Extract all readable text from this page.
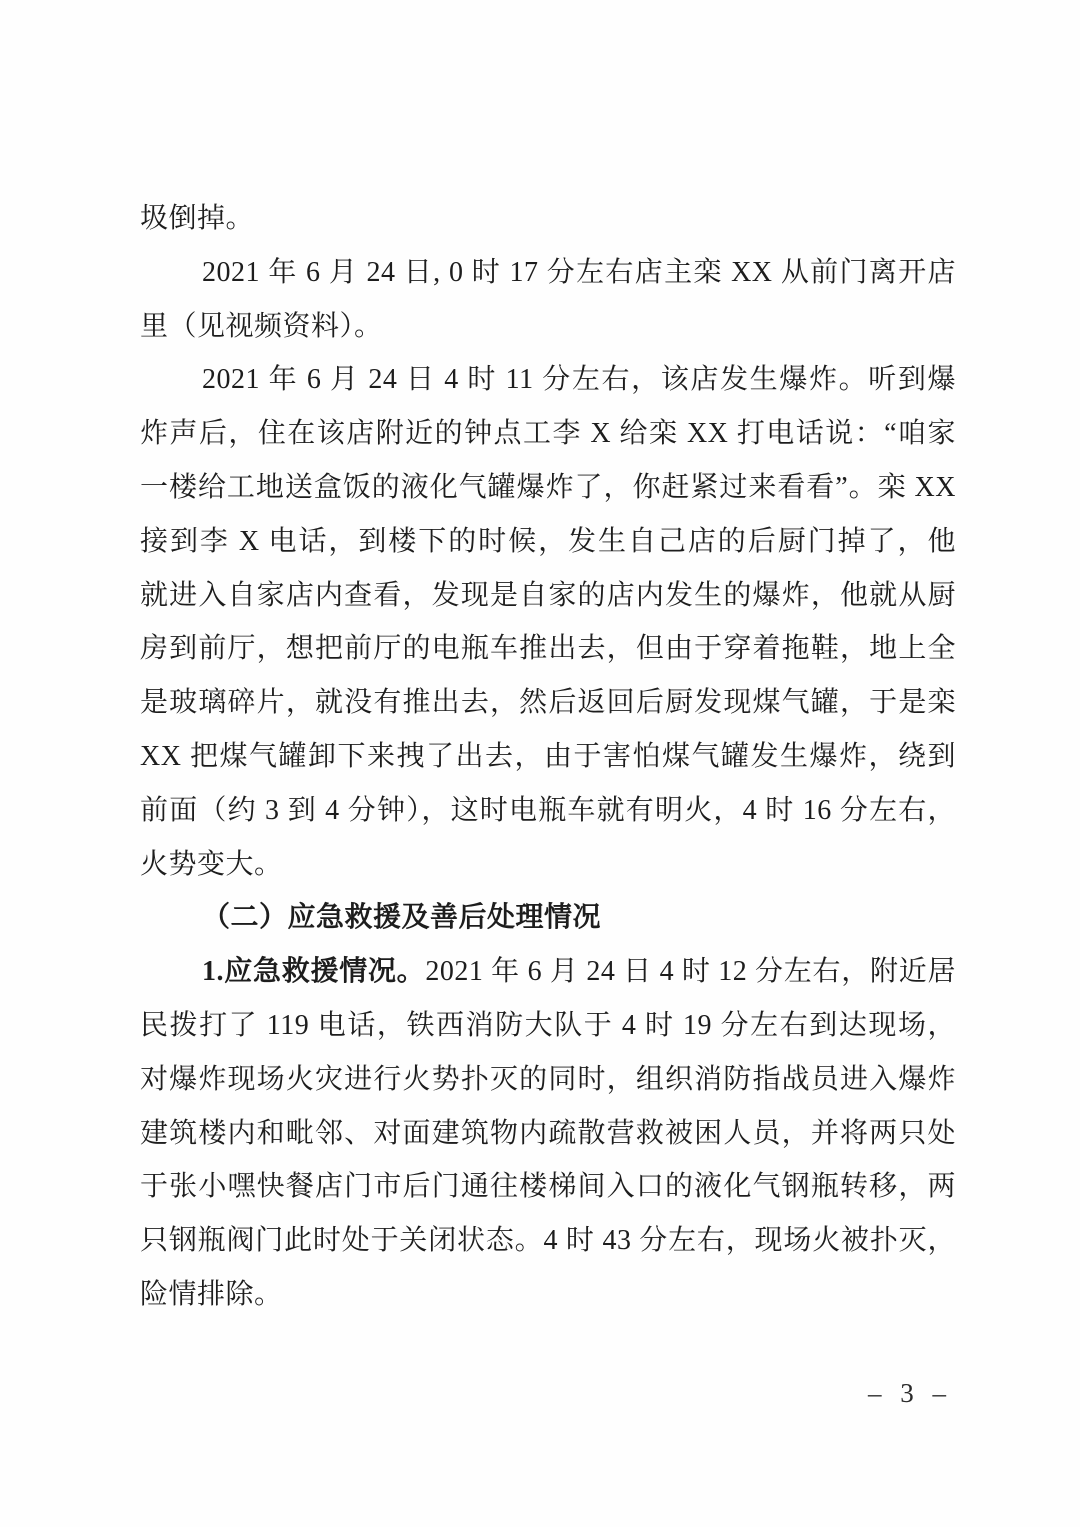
圾倒掉。
2021 年 6 月 24 日, 0 时 17 分左右店主栾 XX 从前门离开店
里（见视频资料）。
2021 年 6 月 24 日 4 时 11 分左右，该店发生爆炸。听到爆
炸声后，住在该店附近的钟点工李 X 给栾 XX 打电话说：“咱家
一楼给工地送盒饭的液化气罐爆炸了，你赶紧过来看看”。栾 XX
接到李 X 电话，到楼下的时候，发生自己店的后厨门掉了，他
就进入自家店内查看，发现是自家的店内发生的爆炸，他就从厨
房到前厅，想把前厅的电瓶车推出去，但由于穿着拖鞋，地上全
是玻璃碎片，就没有推出去，然后返回后厨发现煤气罐，于是栾
XX 把煤气罐卸下来拽了出去，由于害怕煤气罐发生爆炸，绕到
前面（约 3 到 4 分钟），这时电瓶车就有明火，4 时 16 分左右，
火势变大。
（二）应急救援及善后处理情况
1.应急救援情况。2021 年 6 月 24 日 4 时 12 分左右，附近居
民拨打了 119 电话，铁西消防大队于 4 时 19 分左右到达现场，
对爆炸现场火灾进行火势扑灭的同时，组织消防指战员进入爆炸
建筑楼内和毗邻、对面建筑物内疏散营救被困人员，并将两只处
于张小嘿快餐店门市后门通往楼梯间入口的液化气钢瓶转移，两
只钢瓶阀门此时处于关闭状态。4 时 43 分左右，现场火被扑灭，
险情排除。
– 3 –
